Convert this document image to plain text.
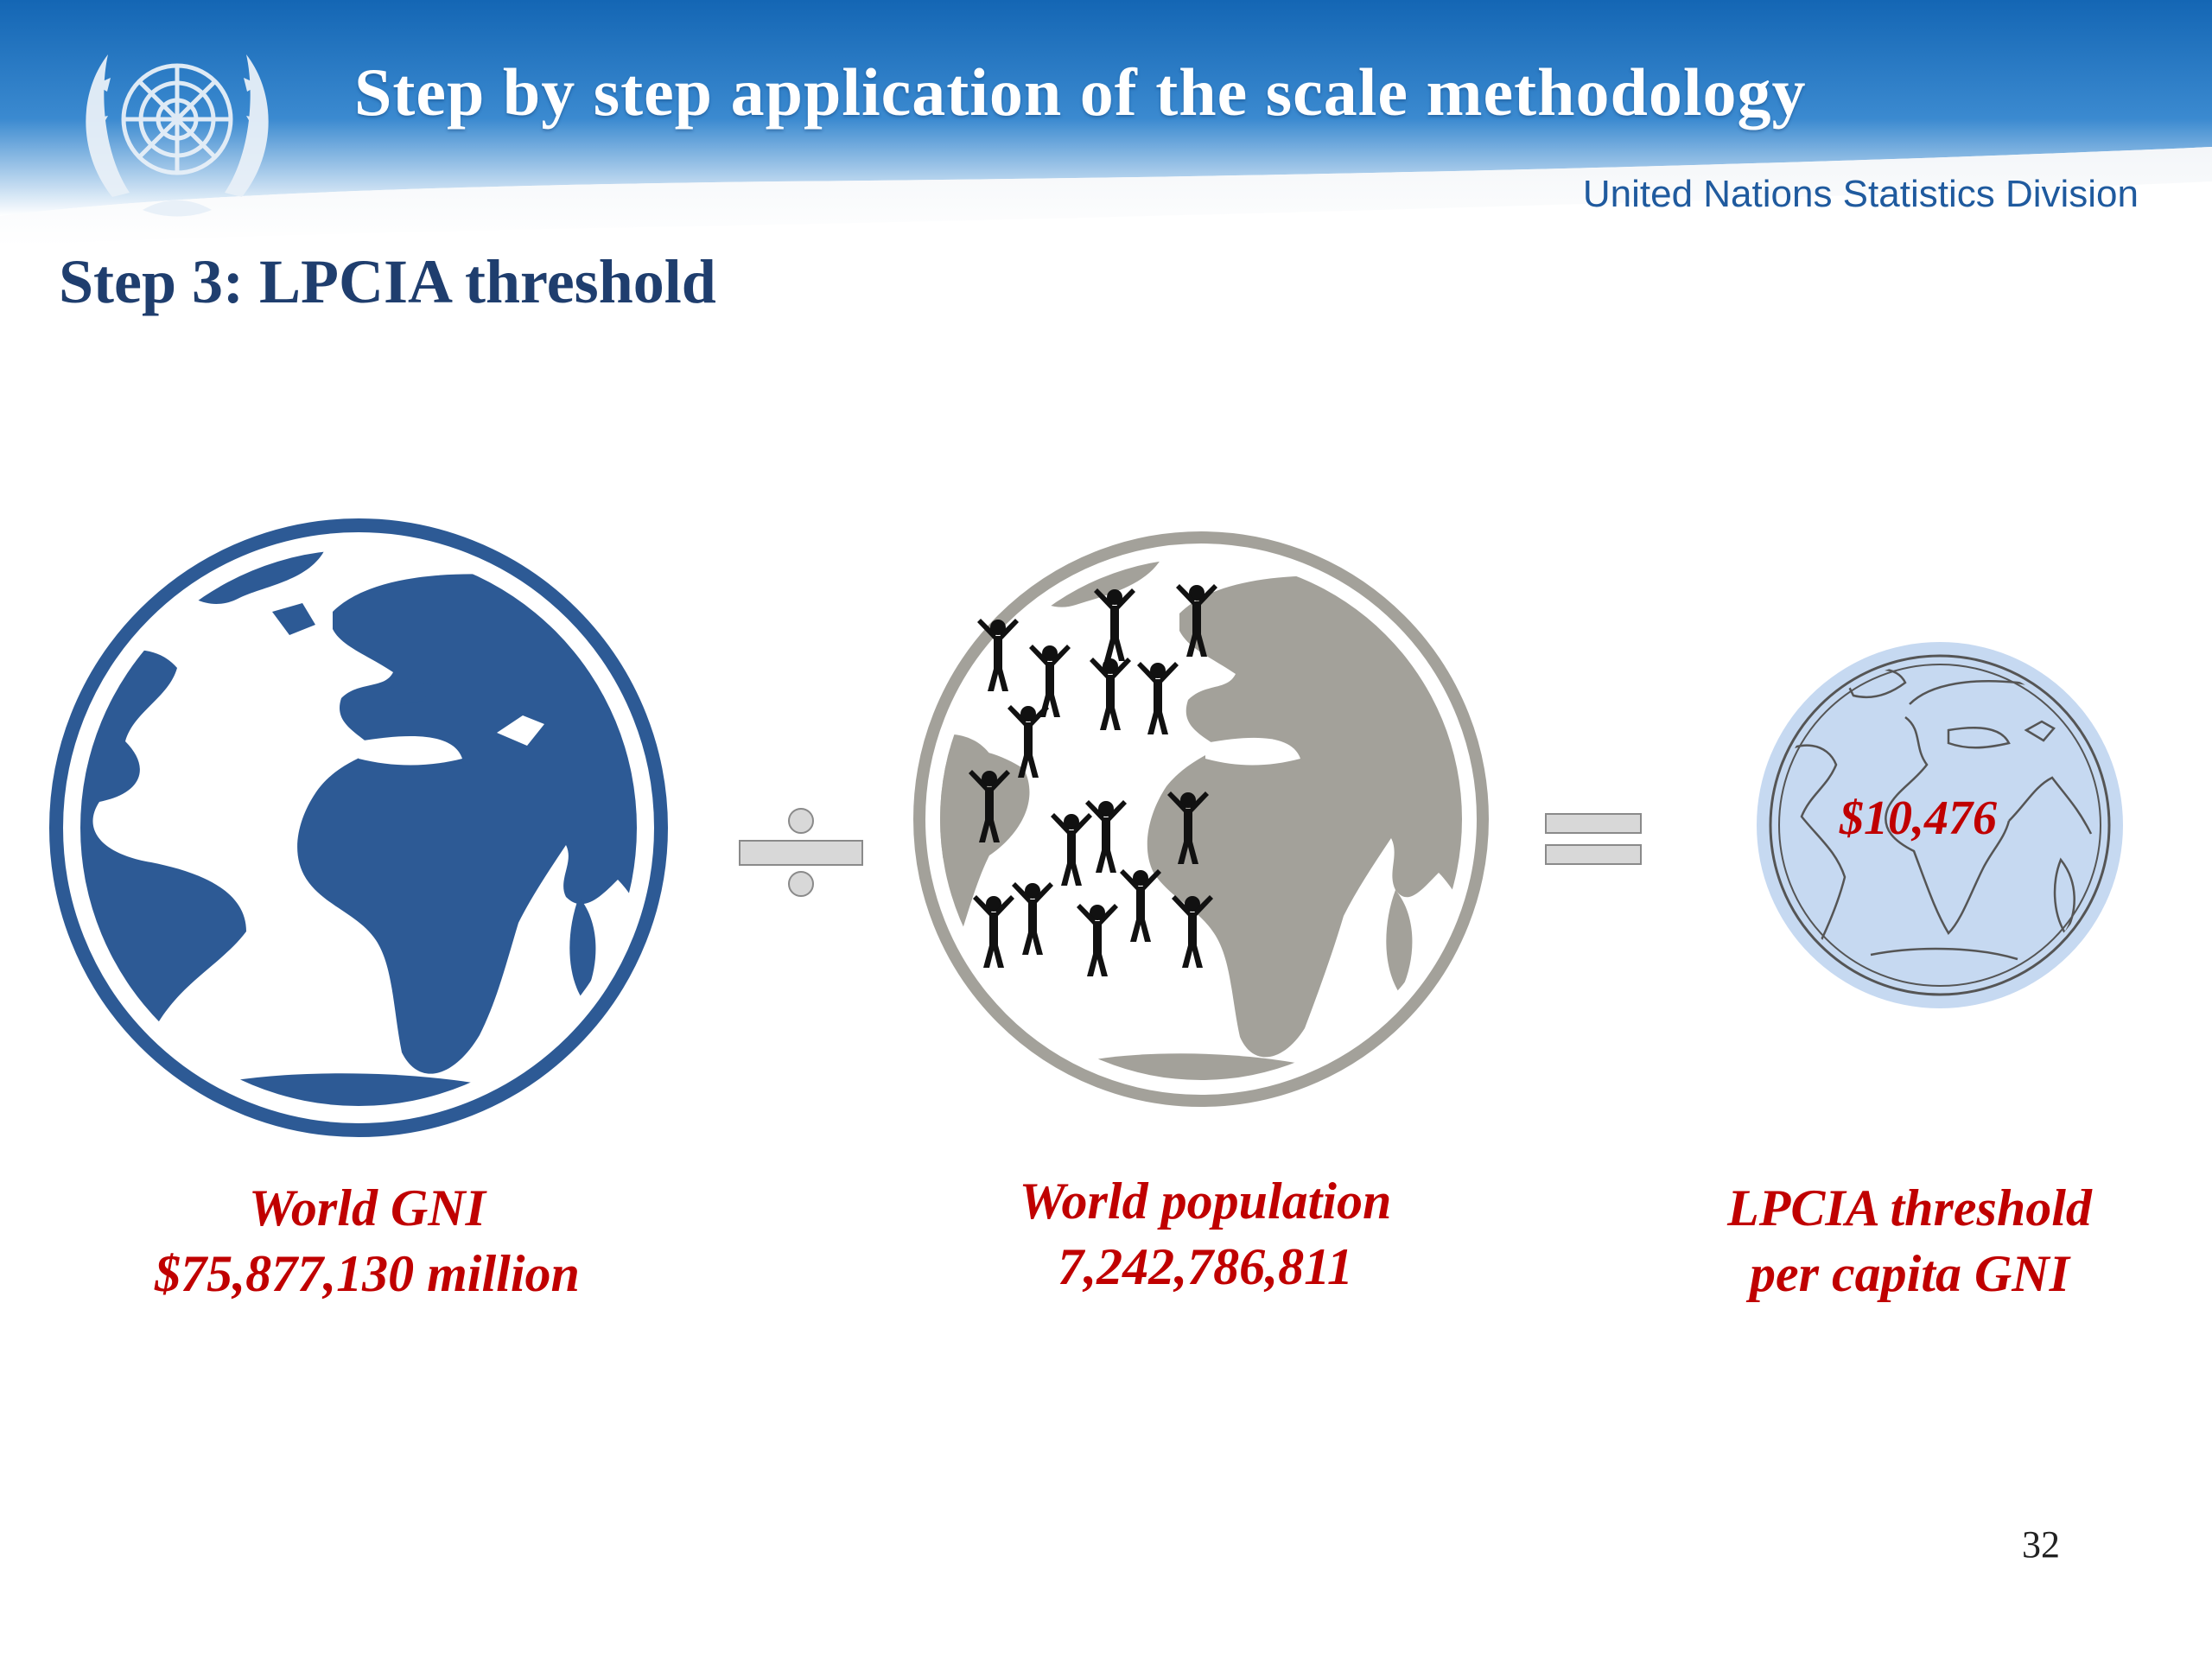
Step by step application of the scale methodology
United Nations Statistics Division
Step 3: LPCIA threshold
$10,476
World GNI
$75,877,130 million
World population
7,242,786,811
LPCIA threshold
per capita GNI
32
